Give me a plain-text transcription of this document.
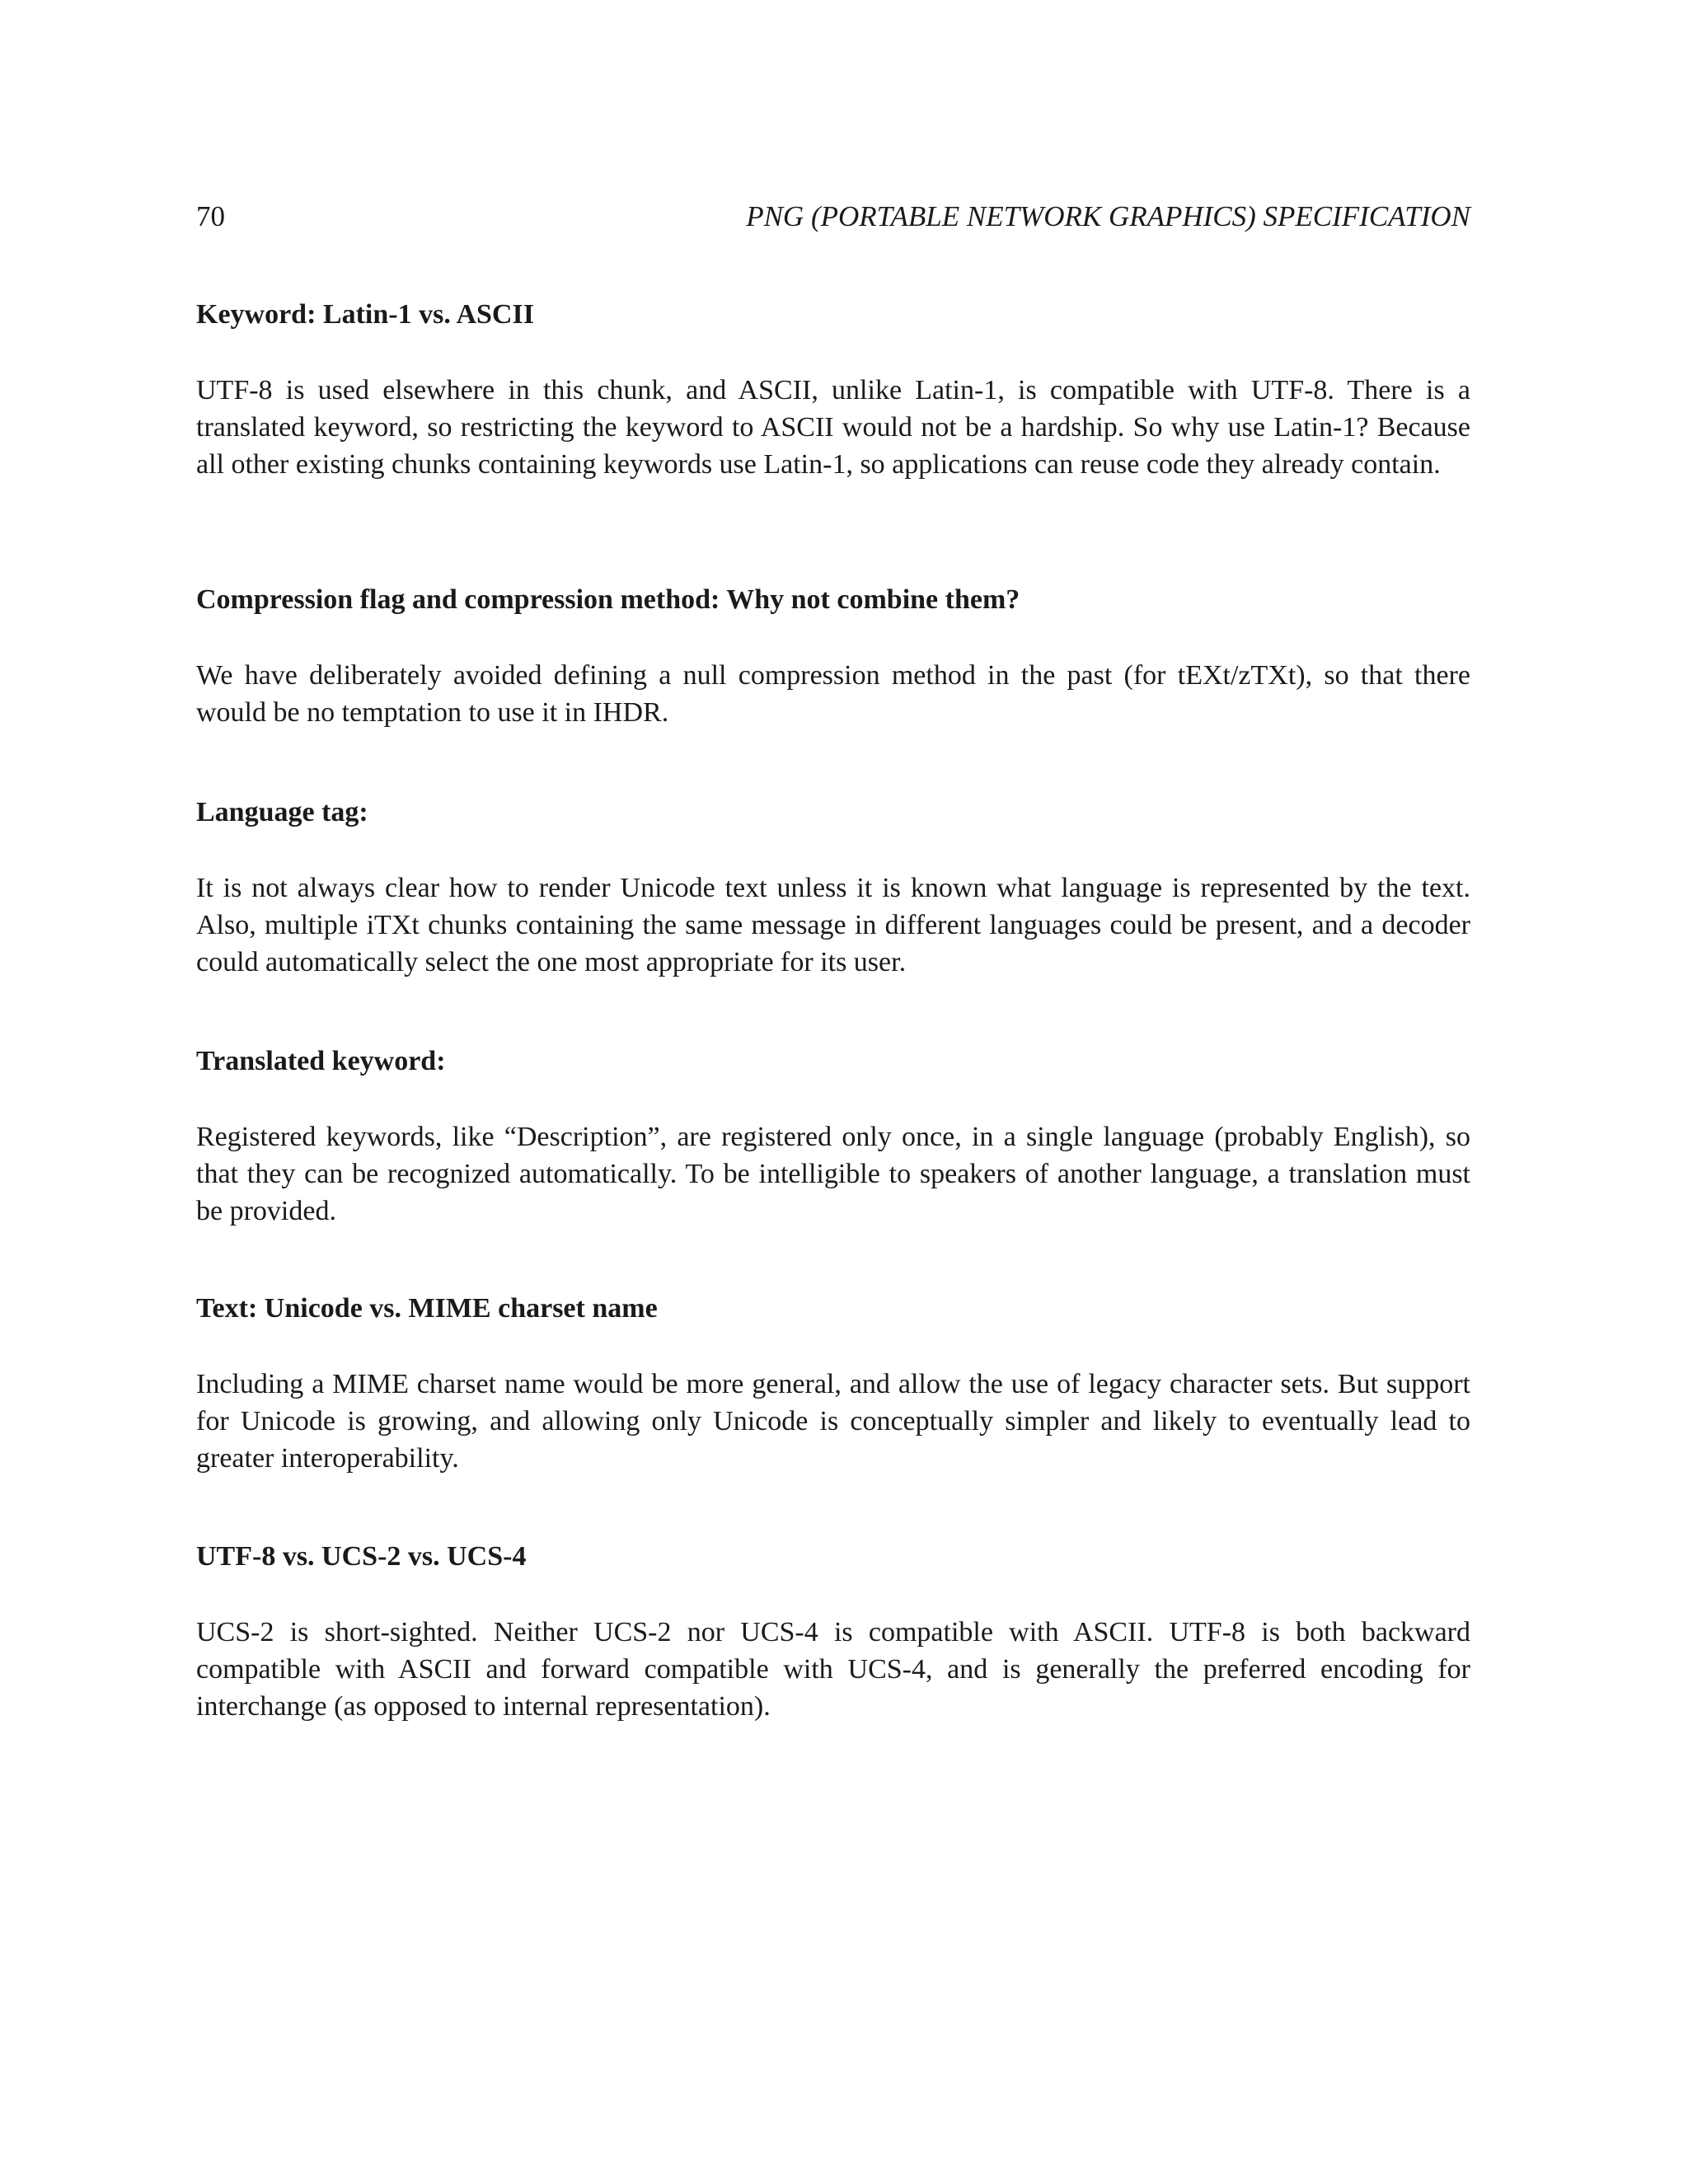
70	PNG (PORTABLE NETWORK GRAPHICS) SPECIFICATION

Keyword: Latin-1 vs. ASCII

UTF-8 is used elsewhere in this chunk, and ASCII, unlike Latin-1, is compatible with UTF-8. There is a translated keyword, so restricting the keyword to ASCII would not be a hardship. So why use Latin-1? Because all other existing chunks containing keywords use Latin-1, so applications can reuse code they already contain.

Compression flag and compression method: Why not combine them?

We have deliberately avoided defining a null compression method in the past (for tEXt/zTXt), so that there would be no temptation to use it in IHDR.

Language tag:

It is not always clear how to render Unicode text unless it is known what language is represented by the text. Also, multiple iTXt chunks containing the same message in different languages could be present, and a decoder could automatically select the one most appropriate for its user.

Translated keyword:

Registered keywords, like “Description”, are registered only once, in a single language (probably English), so that they can be recognized automatically. To be intelligible to speakers of another language, a translation must be provided.

Text: Unicode vs. MIME charset name

Including a MIME charset name would be more general, and allow the use of legacy character sets. But support for Unicode is growing, and allowing only Unicode is conceptually simpler and likely to eventually lead to greater interoperability.

UTF-8 vs. UCS-2 vs. UCS-4

UCS-2 is short-sighted. Neither UCS-2 nor UCS-4 is compatible with ASCII. UTF-8 is both backward compatible with ASCII and forward compatible with UCS-4, and is generally the preferred encoding for interchange (as opposed to internal representation).
